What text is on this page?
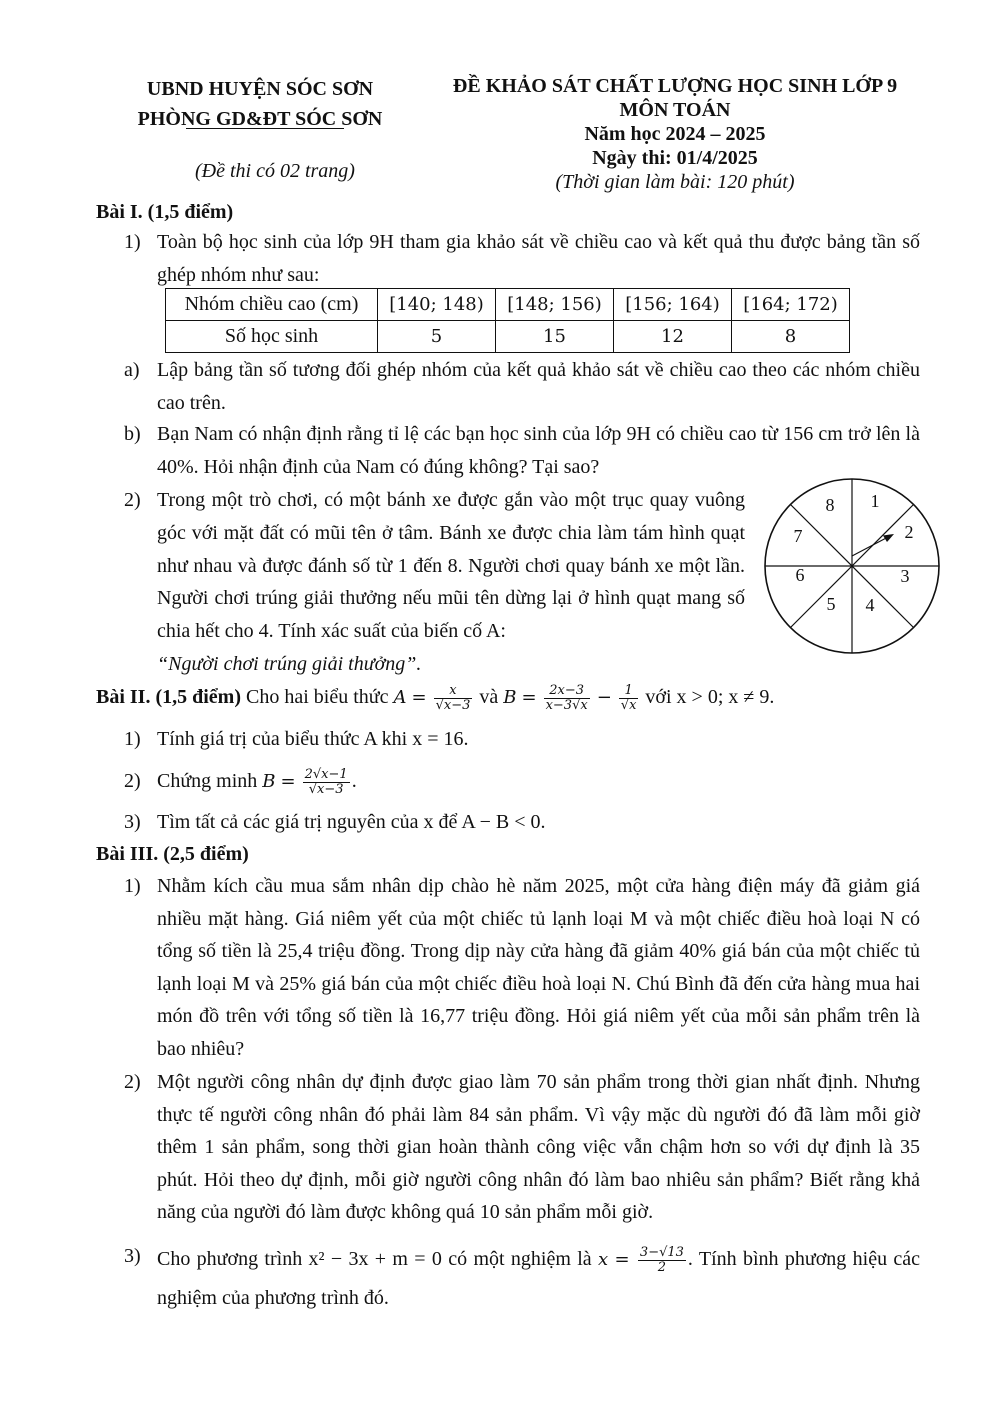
UBND HUYỆN SÓC SƠN
PHÒNG GD&ĐT SÓC SƠN
(Đề thi có 02 trang)
ĐỀ KHẢO SÁT CHẤT LƯỢNG HỌC SINH LỚP 9
MÔN TOÁN
Năm học 2024 – 2025
Ngày thi: 01/4/2025
(Thời gian làm bài: 120 phút)
Bài I. (1,5 điểm)
1) Toàn bộ học sinh của lớp 9H tham gia khảo sát về chiều cao và kết quả thu được bảng tần số ghép nhóm như sau:
Nhóm chiều cao (cm)	[140; 148)	[148; 156)	[156; 164)	[164; 172)
Số học sinh	5	15	12	8
a) Lập bảng tần số tương đối ghép nhóm của kết quả khảo sát về chiều cao theo các nhóm chiều cao trên.
b) Bạn Nam có nhận định rằng tỉ lệ các bạn học sinh của lớp 9H có chiều cao từ 156 cm trở lên là 40%. Hỏi nhận định của Nam có đúng không? Tại sao?
2) Trong một trò chơi, có một bánh xe được gắn vào một trục quay vuông góc với mặt đất có mũi tên ở tâm. Bánh xe được chia làm tám hình quạt như nhau và được đánh số từ 1 đến 8. Người chơi quay bánh xe một lần. Người chơi trúng giải thưởng nếu mũi tên dừng lại ở hình quạt mang số chia hết cho 4. Tính xác suất của biến cố A:
“Người chơi trúng giải thưởng”.
1
2
3
4
5
6
7
8
Bài II. (1,5 điểm) Cho hai biểu thức $A = \frac{x}{√x-3}$ và $B = \frac{2x-3}{x-3√x} - \frac{1}{√x}$ với x > 0; x ≠ 9.
1) Tính giá trị của biểu thức A khi x = 16.
2) Chứng minh $B = \frac{2√x-1}{√x-3}$ .
3) Tìm tất cả các giá trị nguyên của x để A − B < 0.
Bài III. (2,5 điểm)
1) Nhằm kích cầu mua sắm nhân dịp chào hè năm 2025, một cửa hàng điện máy đã giảm giá nhiều mặt hàng. Giá niêm yết của một chiếc tủ lạnh loại M và một chiếc điều hoà loại N có tổng số tiền là 25,4 triệu đồng. Trong dịp này cửa hàng đã giảm 40% giá bán của một chiếc tủ lạnh loại M và 25% giá bán của một chiếc điều hoà loại N. Chú Bình đã đến cửa hàng mua hai món đồ trên với tổng số tiền là 16,77 triệu đồng. Hỏi giá niêm yết của mỗi sản phẩm trên là bao nhiêu?
2) Một người công nhân dự định được giao làm 70 sản phẩm trong thời gian nhất định. Nhưng thực tế người công nhân đó phải làm 84 sản phẩm. Vì vậy mặc dù người đó đã làm mỗi giờ thêm 1 sản phẩm, song thời gian hoàn thành công việc vẫn chậm hơn so với dự định là 35 phút. Hỏi theo dự định, mỗi giờ người công nhân đó làm bao nhiêu sản phẩm? Biết rằng khả năng của người đó làm được không quá 10 sản phẩm mỗi giờ.
3) Cho phương trình x² − 3x + m = 0 có một nghiệm là $x = \frac{3-√13}{2}$ . Tính bình phương hiệu các nghiệm của phương trình đó.
